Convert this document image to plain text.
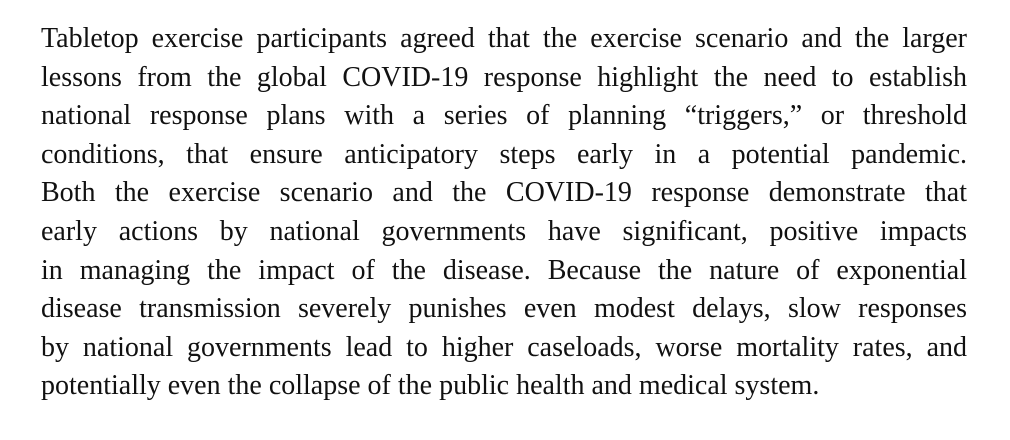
Tabletop exercise participants agreed that the exercise scenario and the larger
lessons from the global COVID-19 response highlight the need to establish
national response plans with a series of planning “triggers,” or threshold
conditions, that ensure anticipatory steps early in a potential pandemic.
Both the exercise scenario and the COVID-19 response demonstrate that
early actions by national governments have significant, positive impacts
in managing the impact of the disease. Because the nature of exponential
disease transmission severely punishes even modest delays, slow responses
by national governments lead to higher caseloads, worse mortality rates, and
potentially even the collapse of the public health and medical system.
